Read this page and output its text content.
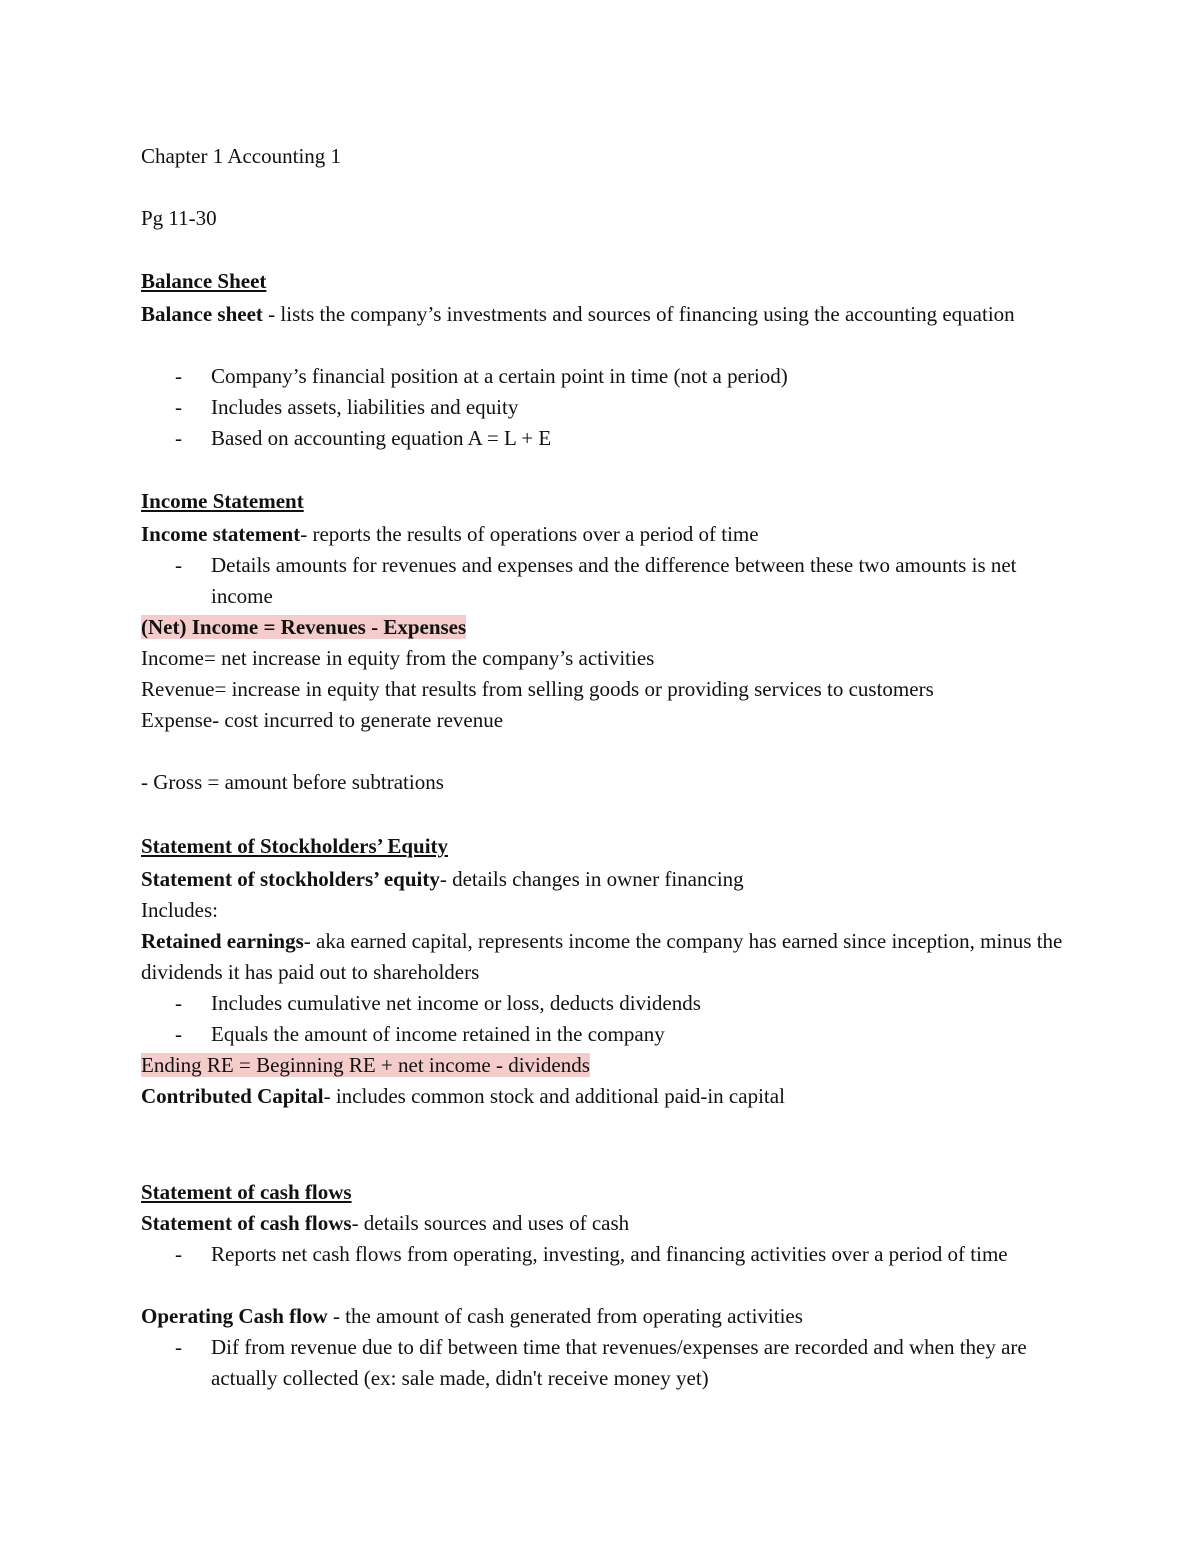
Chapter 1 Accounting 1

Pg 11-30

Balance Sheet

Balance sheet - lists the company’s investments and sources of financing using the accounting equation

- Company’s financial position at a certain point in time (not a period)
- Includes assets, liabilities and equity
- Based on accounting equation A = L + E

Income Statement

Income statement- reports the results of operations over a period of time

- Details amounts for revenues and expenses and the difference between these two amounts is net income

(Net) Income = Revenues - Expenses

Income= net increase in equity from the company’s activities

Revenue= increase in equity that results from selling goods or providing services to customers

Expense- cost incurred to generate revenue

- Gross = amount before subtrations

Statement of Stockholders’ Equity

Statement of stockholders’ equity- details changes in owner financing

Includes:

Retained earnings- aka earned capital, represents income the company has earned since inception, minus the dividends it has paid out to shareholders

- Includes cumulative net income or loss, deducts dividends
- Equals the amount of income retained in the company

Ending RE = Beginning RE + net income - dividends

Contributed Capital- includes common stock and additional paid-in capital

Statement of cash flows

Statement of cash flows- details sources and uses of cash

- Reports net cash flows from operating, investing, and financing activities over a period of time

Operating Cash flow - the amount of cash generated from operating activities

- Dif from revenue due to dif between time that revenues/expenses are recorded and when they are actually collected (ex: sale made, didn't receive money yet)
